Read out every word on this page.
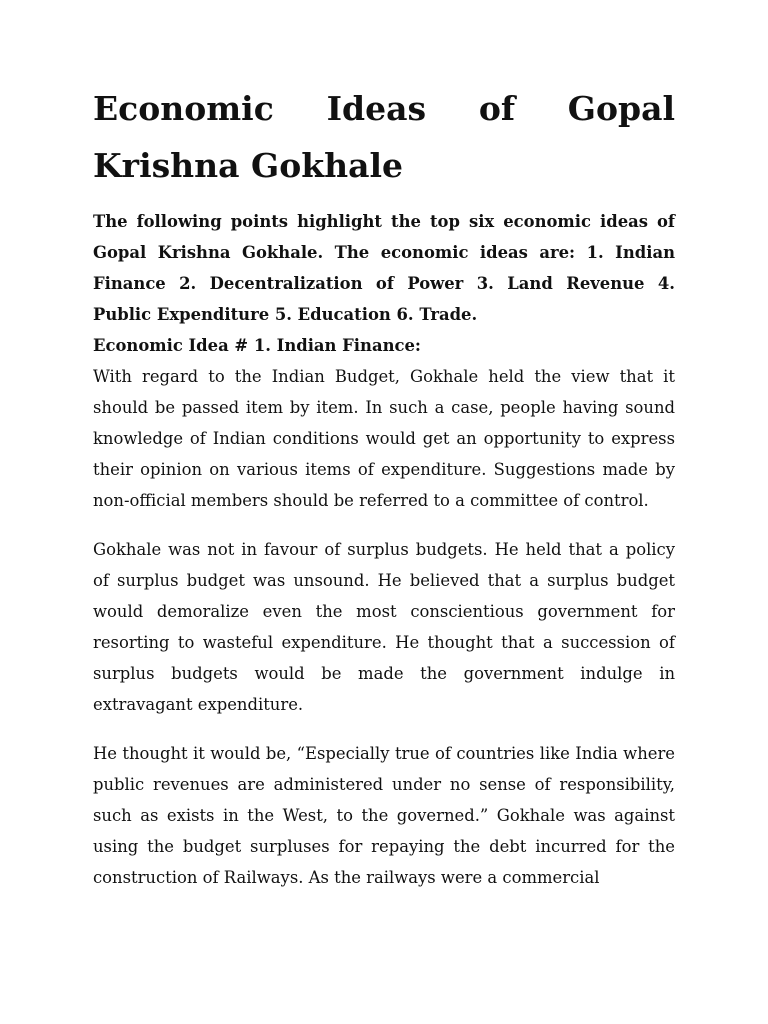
Economic Ideas of Gopal Krishna Gokhale

The following points highlight the top six economic ideas of Gopal Krishna Gokhale. The economic ideas are: 1. Indian Finance 2. Decentralization of Power 3. Land Revenue 4. Public Expenditure 5. Education 6. Trade.

Economic Idea # 1. Indian Finance:

With regard to the Indian Budget, Gokhale held the view that it should be passed item by item. In such a case, people having sound knowledge of Indian conditions would get an opportunity to express their opinion on various items of expenditure. Suggestions made by non-official members should be referred to a committee of control.

Gokhale was not in favour of surplus budgets. He held that a policy of surplus budget was unsound. He believed that a surplus budget would demoralize even the most conscientious government for resorting to wasteful expenditure. He thought that a succession of surplus budgets would be made the government indulge in extravagant expenditure.

He thought it would be, “Especially true of countries like India where public revenues are administered under no sense of responsibility, such as exists in the West, to the governed.” Gokhale was against using the budget surpluses for repaying the debt incurred for the construction of Railways. As the railways were a commercial
